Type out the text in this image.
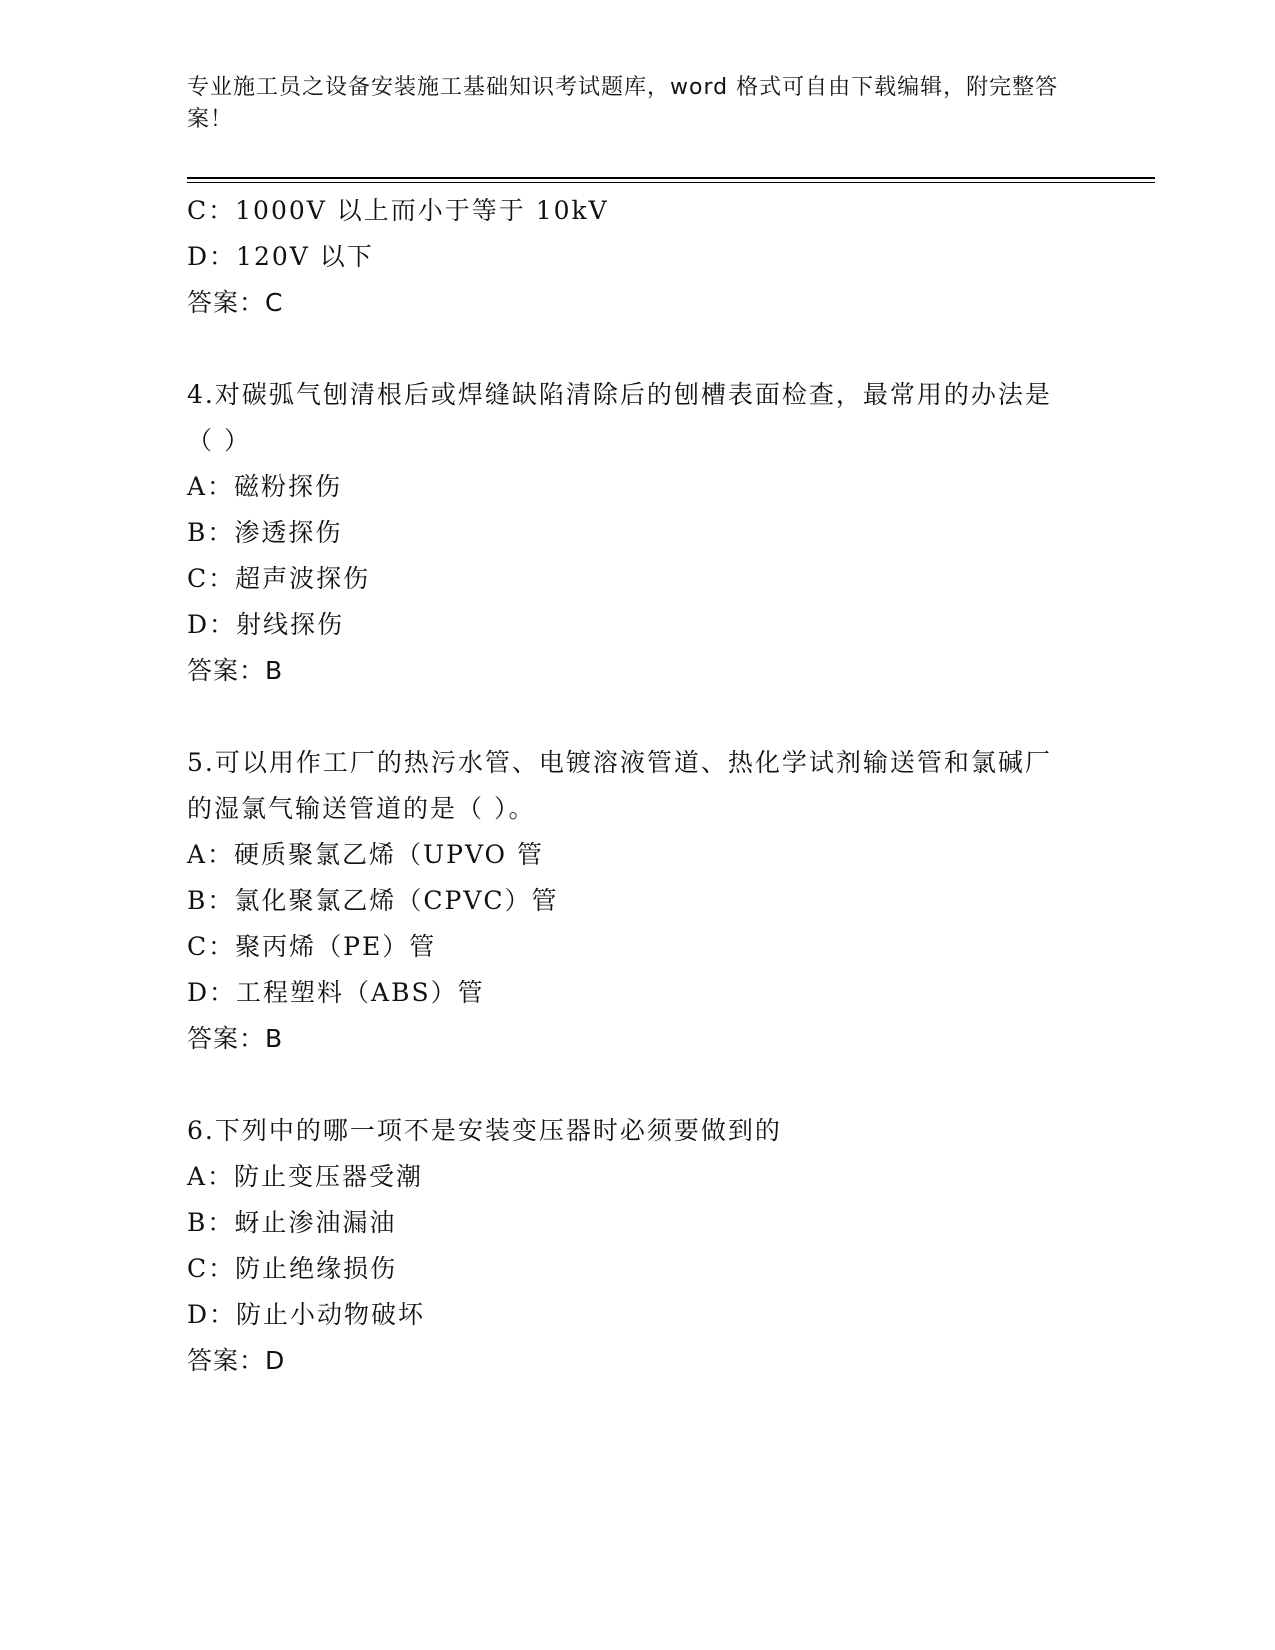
专业施工员之设备安装施工基础知识考试题库，word 格式可自由下载编辑，附完整答案！
C：1000V 以上而小于等于 10kV
D：120V 以下
答案：C
4.对碳弧气刨清根后或焊缝缺陷清除后的刨槽表面检查，最常用的办法是（ ）
A：磁粉探伤
B：渗透探伤
C：超声波探伤
D：射线探伤
答案：B
5.可以用作工厂的热污水管、电镀溶液管道、热化学试剂输送管和氯碱厂的湿氯气输送管道的是（ ）。
A：硬质聚氯乙烯（UPVO 管
B：氯化聚氯乙烯（CPVC）管
C：聚丙烯（PE）管
D：工程塑料（ABS）管
答案：B
6.下列中的哪一项不是安装变压器时必须要做到的
A：防止变压器受潮
B：蚜止渗油漏油
C：防止绝缘损伤
D：防止小动物破坏
答案：D
